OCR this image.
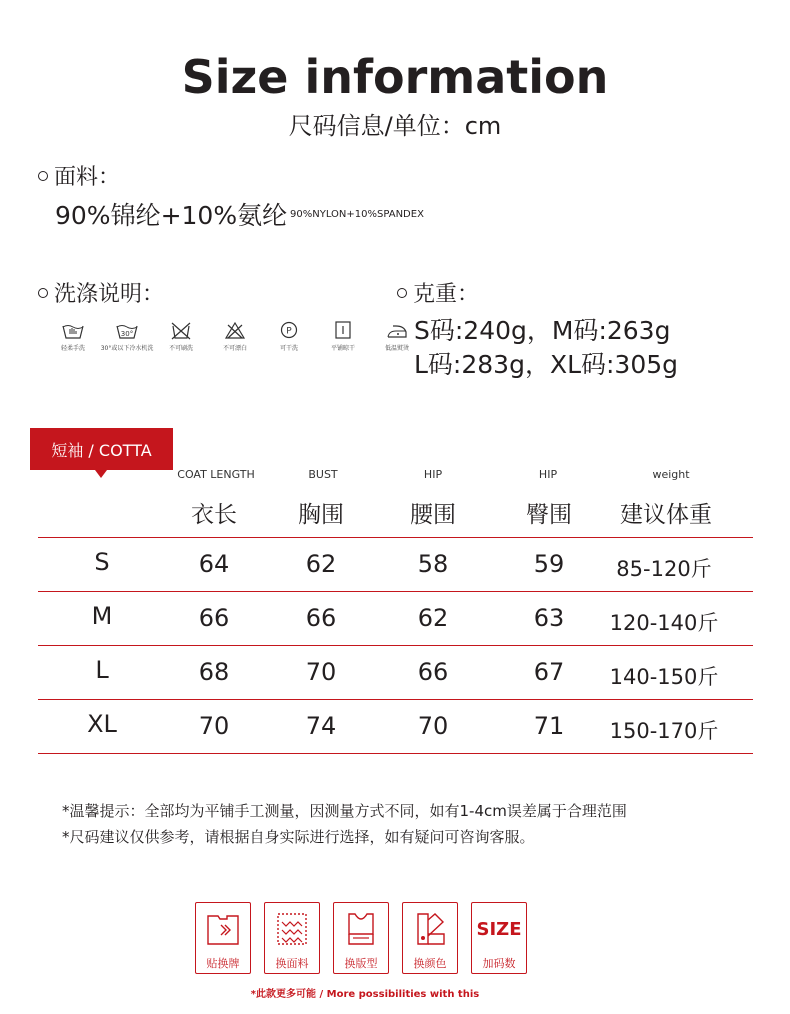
Size information
尺码信息/单位：cm
面料：
90%锦纶+10%氨纶 90%NYLON+10%SPANDEX
洗涤说明：
轻柔手洗
30°
30°或以下冷水机洗	不可刷洗	不可漂白
P
可干洗	平铺晾干	低温熨烫
克重：
S码:240g，M码:263g
L码:283g，XL码:305g
短袖 / COTTA
COAT LENGTH	BUST	HIP	HIP	weight
衣长	胸围	腰围	臀围	建议体重
S	64	62	58	59	85-120斤
M	66	66	62	63	120-140斤
L	68	70	66	67	140-150斤
XL	70	74	70	71	150-170斤
*温馨提示：全部均为平铺手工测量，因测量方式不同，如有1-4cm误差属于合理范围
*尺码建议仅供参考，请根据自身实际进行选择，如有疑问可咨询客服。
贴换牌	换面料	换版型	换颜色
SIZE
加码数
*此款更多可能 / More possibilities with this
